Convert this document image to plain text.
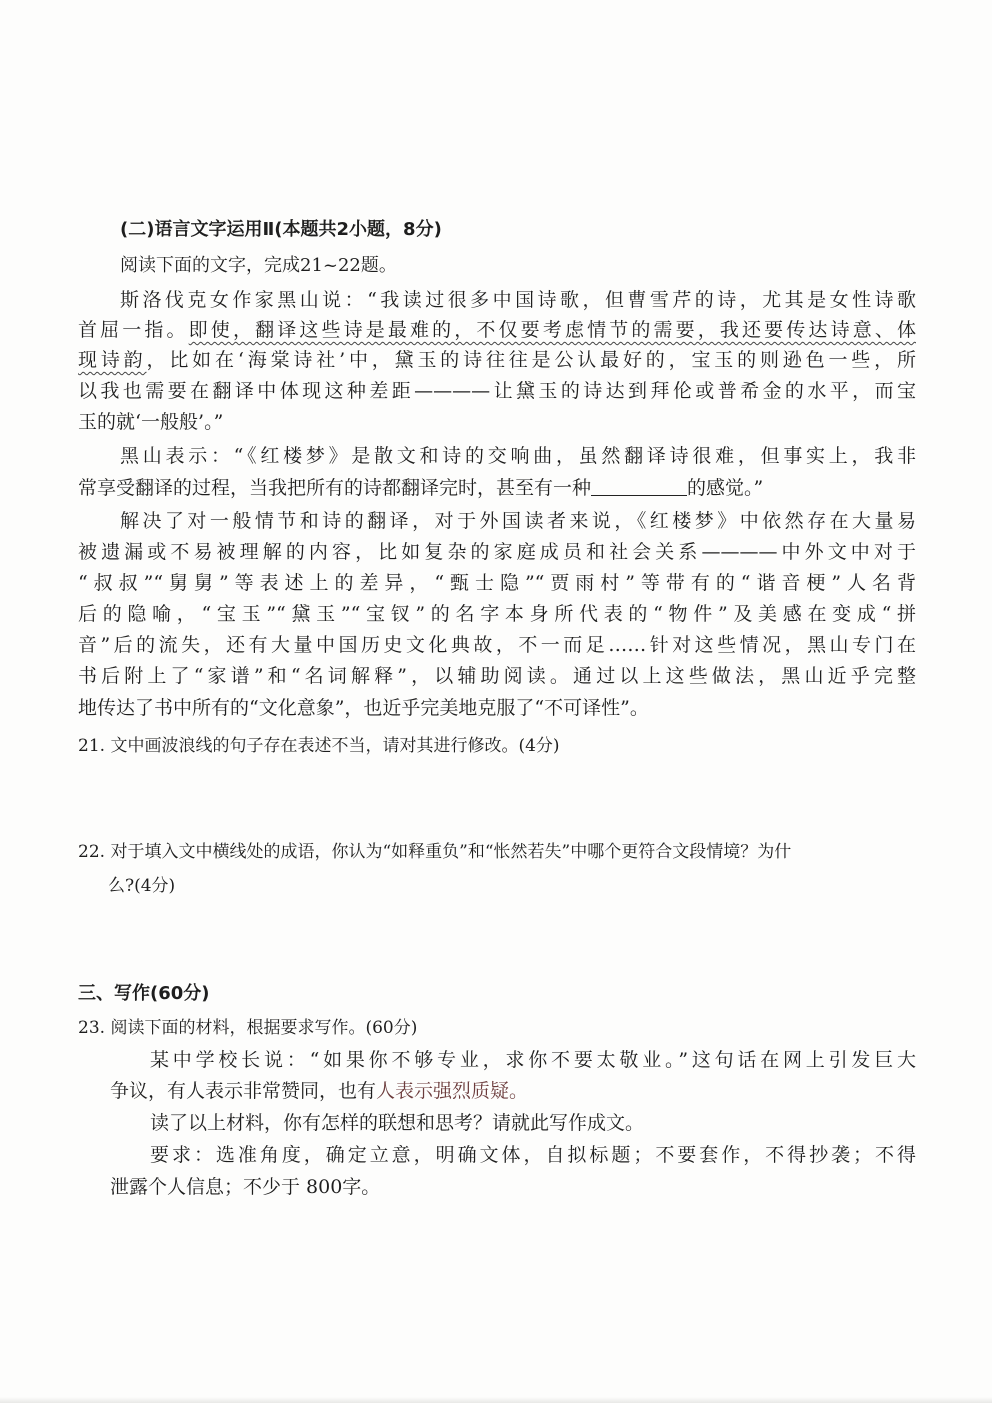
(二)语言文字运用Ⅱ(本题共2小题，8分)
阅读下面的文字，完成21~22题。
斯洛伐克女作家黑山说：“我读过很多中国诗歌，但曹雪芹的诗，尤其是女性诗歌
首屈一指。即使，翻译这些诗是最难的，不仅要考虑情节的需要，我还要传达诗意、体
现诗韵，比如在‘海棠诗社’中，黛玉的诗往往是公认最好的，宝玉的则逊色一些，所
以我也需要在翻译中体现这种差距————让黛玉的诗达到拜伦或普希金的水平，而宝
玉的就‘一般般’。”
黑山表示：“《红楼梦》是散文和诗的交响曲，虽然翻译诗很难，但事实上，我非
常享受翻译的过程，当我把所有的诗都翻译完时，甚至有一种	的感觉。”
解决了对一般情节和诗的翻译，对于外国读者来说，《红楼梦》中依然存在大量易
被遗漏或不易被理解的内容，比如复杂的家庭成员和社会关系————中外文中对于
“叔叔”“舅舅”等表述上的差异，“甄士隐”“贾雨村”等带有的“谐音梗”人名背
后的隐喻，“宝玉”“黛玉”“宝钗”的名字本身所代表的“物件”及美感在变成“拼
音”后的流失，还有大量中国历史文化典故，不一而足……针对这些情况，黑山专门在
书后附上了“家谱”和“名词解释”，以辅助阅读。通过以上这些做法，黑山近乎完整
地传达了书中所有的“文化意象”，也近乎完美地克服了“不可译性”。
21. 文中画波浪线的句子存在表述不当，请对其进行修改。(4分)
22. 对于填入文中横线处的成语，你认为“如释重负”和“怅然若失”中哪个更符合文段情境？为什
么?(4分)
三、写作(60分)
23. 阅读下面的材料，根据要求写作。(60分)
某中学校长说：“如果你不够专业，求你不要太敬业。”这句话在网上引发巨大
争议，有人表示非常赞同，也有人表示强烈质疑。
读了以上材料，你有怎样的联想和思考？请就此写作成文。
要求：选准角度，确定立意，明确文体，自拟标题；不要套作，不得抄袭；不得
泄露个人信息；不少于 800字。
